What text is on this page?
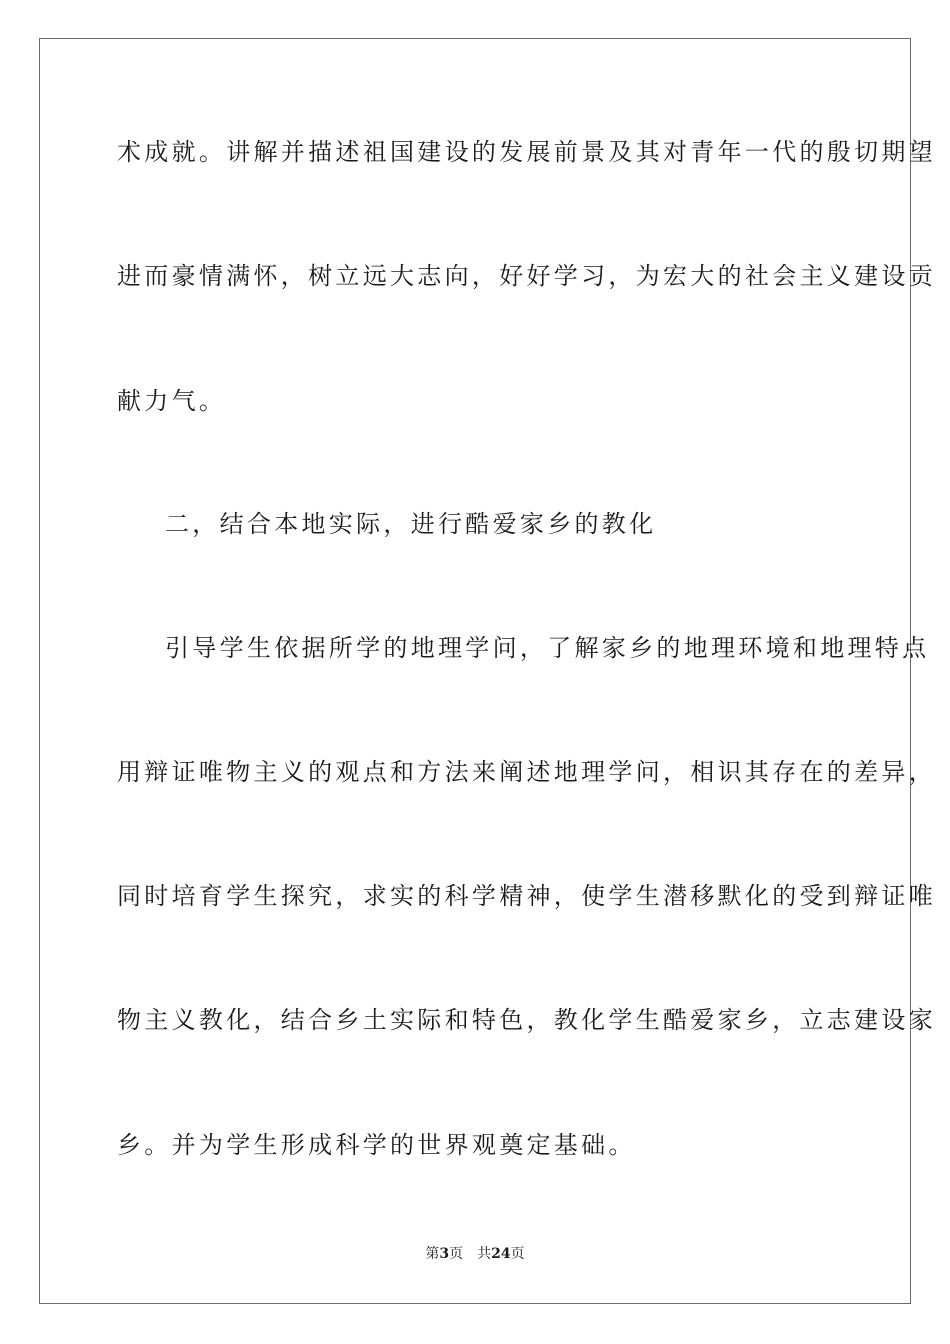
术成就。讲解并描述祖国建设的发展前景及其对青年一代的殷切期望
进而豪情满怀，树立远大志向，好好学习，为宏大的社会主义建设贡
献力气。
二，结合本地实际，进行酷爱家乡的教化
引导学生依据所学的地理学问，了解家乡的地理环境和地理特点
用辩证唯物主义的观点和方法来阐述地理学问，相识其存在的差异，
同时培育学生探究，求实的科学精神，使学生潜移默化的受到辩证唯
物主义教化，结合乡土实际和特色，教化学生酷爱家乡，立志建设家
乡。并为学生形成科学的世界观奠定基础。
第3页 共24页
